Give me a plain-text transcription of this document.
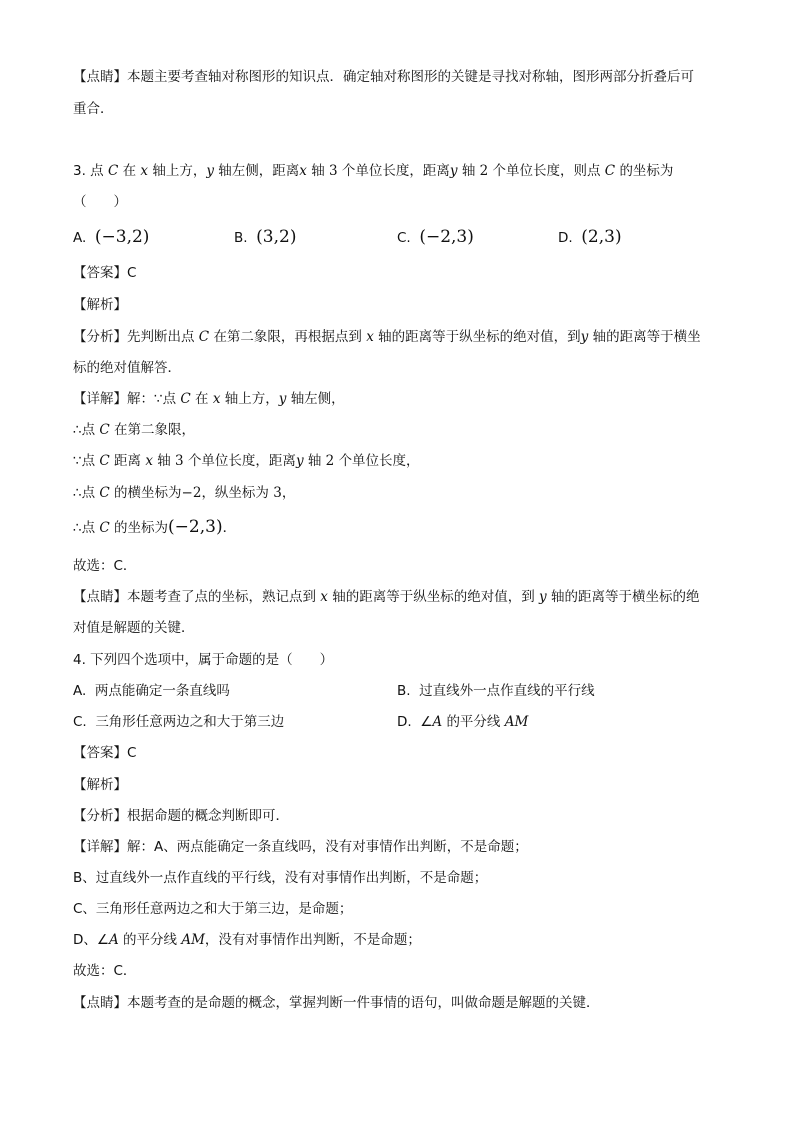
【点睛】本题主要考查轴对称图形的知识点．确定轴对称图形的关键是寻找对称轴，图形两部分折叠后可
重合．
3. 点 C 在 x 轴上方，y 轴左侧，距离x 轴 3 个单位长度，距离y 轴 2 个单位长度，则点 C 的坐标为
（　　）
A. (−3,2)	B. (3,2)	C. (−2,3)	D. (2,3)
【答案】C
【解析】
【分析】先判断出点 C 在第二象限，再根据点到 x 轴的距离等于纵坐标的绝对值，到y 轴的距离等于横坐
标的绝对值解答．
【详解】解：∵点 C 在 x 轴上方，y 轴左侧，
∴点 C 在第二象限，
∵点 C 距离 x 轴 3 个单位长度，距离y 轴 2 个单位长度，
∴点 C 的横坐标为−2，纵坐标为 3，
∴点 C 的坐标为(−2,3)．
故选：C．
【点睛】本题考查了点的坐标，熟记点到 x 轴的距离等于纵坐标的绝对值，到 y 轴的距离等于横坐标的绝
对值是解题的关键．
4. 下列四个选项中，属于命题的是（　　）
A. 两点能确定一条直线吗	B. 过直线外一点作直线的平行线
C. 三角形任意两边之和大于第三边	D. ∠A 的平分线 AM
【答案】C
【解析】
【分析】根据命题的概念判断即可．
【详解】解：A、两点能确定一条直线吗，没有对事情作出判断，不是命题；
B、过直线外一点作直线的平行线，没有对事情作出判断，不是命题；
C、三角形任意两边之和大于第三边，是命题；
D、∠A 的平分线 AM，没有对事情作出判断，不是命题；
故选：C．
【点睛】本题考查的是命题的概念，掌握判断一件事情的语句，叫做命题是解题的关键．
